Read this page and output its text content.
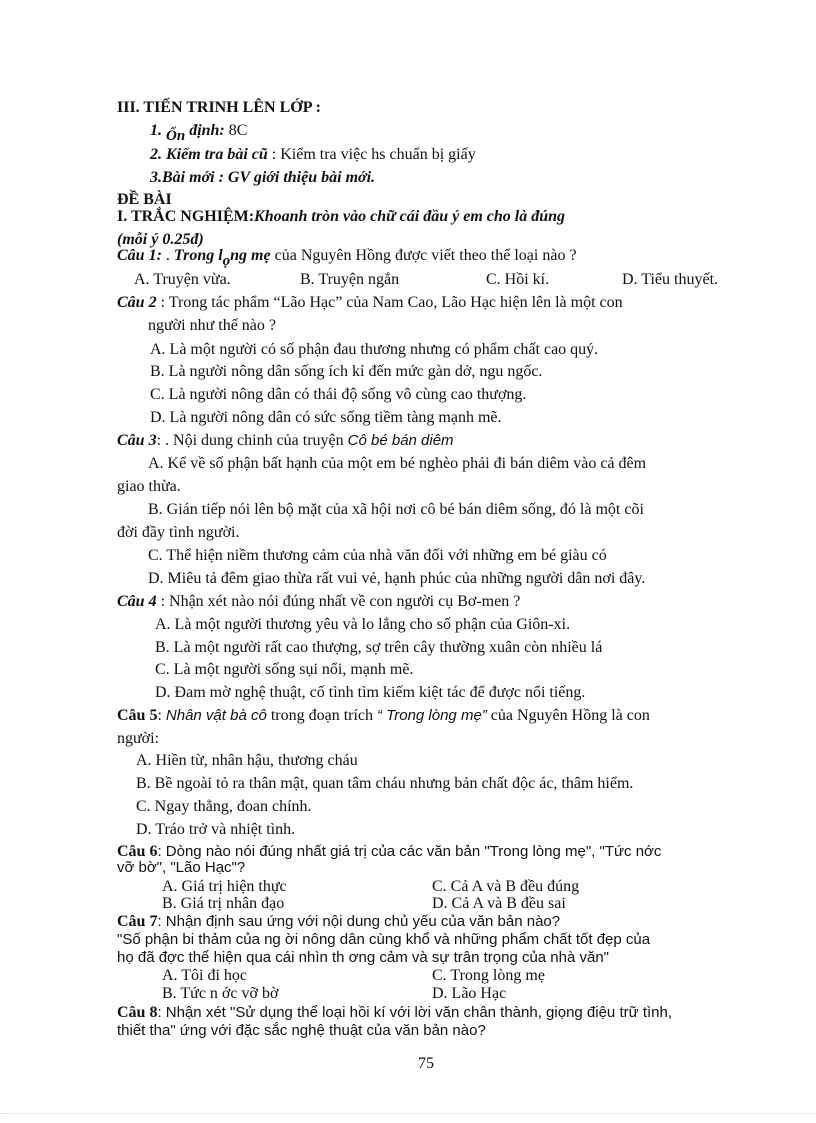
III. TIẾN TRINH LÊN LỚP :
1. Ổn định: 8C
2. Kiểm tra bài cũ : Kiểm tra việc hs chuẩn bị giấy
3.Bài mới : GV giới thiệu bài mới.
ĐỀ BÀI
I. TRẮC NGHIỆM:Khoanh tròn vào chữ cái đầu ý em cho là đúng
(mỗi ý 0.25đ)
Câu 1: . Trong lọng mẹ của Nguyên Hồng được viết theo thể loại nào ?
A. Truyện vừa.	B. Truyện ngắn	C. Hồi kí.	D. Tiểu thuyết.
Câu 2 : Trong tác phẩm “Lão Hạc” của Nam Cao, Lão Hạc hiện lên là một con
người như thế nào ?
A. Là một người có số phận đau thương nhưng có phẩm chất cao quý.
B. Là người nông dân sống ích kỉ đến mức gàn dở, ngu ngốc.
C. Là người nông dân có thái độ sống vô cùng cao thượng.
D. Là người nông dân có sức sống tiềm tàng mạnh mẽ.
Câu 3: . Nội dung chinh của truyện Cô bé bán diêm
A. Kể về số phận bất hạnh của một em bé nghèo phải đi bán diêm vào cả đêm
giao thừa.
B. Gián tiếp nói lên bộ mặt của xã hội nơi cô bé bán diêm sống, đó là một cõi
đời đầy tình người.
C. Thể hiện niềm thương cảm của nhà văn đối với những em bé giàu có
D. Miêu tả đêm giao thừa rất vui vẻ, hạnh phúc của những người dân nơi đây.
Câu 4 : Nhận xét nào nói đúng nhất về con người cụ Bơ-men ?
A. Là một người thương yêu và lo lắng cho số phận của Giôn-xi.
B. Là một người rất cao thượng, sợ trên cây thường xuân còn nhiều lá
C. Là một người sống sụi nổi, mạnh mẽ.
D. Đam mờ nghệ thuật, cố tình tìm kiếm kiệt tác để được nổi tiếng.
Câu 5: Nhân vật bà cô trong đoạn trích “ Trong lòng mẹ” của Nguyên Hồng là con
người:
A. Hiền từ, nhân hậu, thương cháu
B. Bề ngoài tỏ ra thân mật, quan tâm cháu nhưng bản chất độc ác, thâm hiểm.
C. Ngay thẳng, đoan chính.
D. Tráo trở và nhiệt tình.
Câu 6: Dòng nào nói đúng nhất giá trị của các văn bản "Trong lòng mẹ", "Tức nớc
vỡ bờ", "Lão Hạc"?
A. Giá trị hiện thực	C. Cả A và B đều đúng
B. Giá trị nhân đạo	D. Cả A và B đều sai
Câu 7: Nhận định sau ứng với nội dung chủ yếu của văn bản nào?
"Số phận bi thảm của ng ời nông dân cùng khổ và những phẩm chất tốt đẹp của
họ đã đợc thể hiện qua cái nhìn th ơng cảm và sự trân trọng của nhà văn"
A. Tôi đi học	C. Trong lòng mẹ
B. Tức n ớc vỡ bờ	D. Lão Hạc
Câu 8: Nhận xét "Sử dụng thể loại hồi kí với lời văn chân thành, giọng điệu trữ tình,
thiết tha" ứng với đặc sắc nghệ thuật của văn bản nào?
75
